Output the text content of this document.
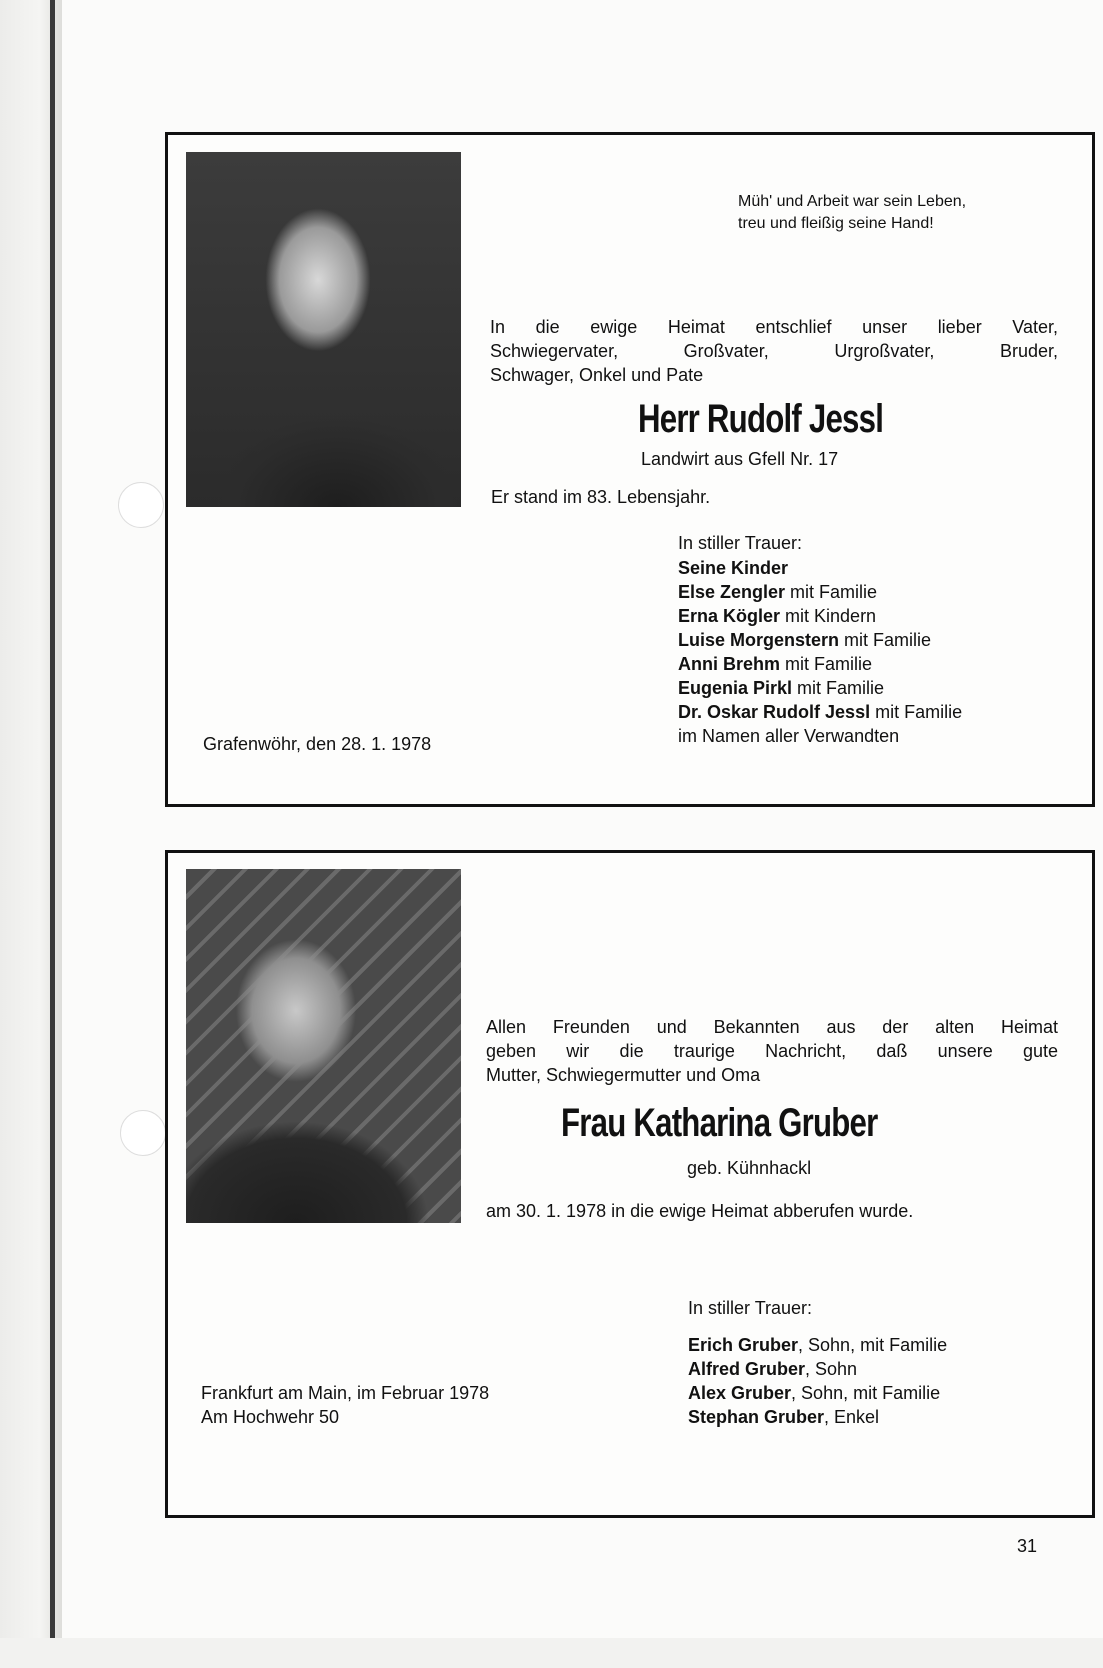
Müh' und Arbeit war sein Leben,
treu und fleißig seine Hand!
In die ewige Heimat entschlief unser lieber Vater,
Schwiegervater, Großvater, Urgroßvater, Bruder,
Schwager, Onkel und Pate
Herr Rudolf Jessl
Landwirt aus Gfell Nr. 17
Er stand im 83. Lebensjahr.
In stiller Trauer:
Seine Kinder
Else Zengler mit Familie
Erna Kögler mit Kindern
Luise Morgenstern mit Familie
Anni Brehm mit Familie
Eugenia Pirkl mit Familie
Dr. Oskar Rudolf Jessl mit Familie
im Namen aller Verwandten
Grafenwöhr, den 28. 1. 1978
Allen Freunden und Bekannten aus der alten Heimat
geben wir die traurige Nachricht, daß unsere gute
Mutter, Schwiegermutter und Oma
Frau Katharina Gruber
geb. Kühnhackl
am 30. 1. 1978 in die ewige Heimat abberufen wurde.
In stiller Trauer:
Erich Gruber, Sohn, mit Familie
Alfred Gruber, Sohn
Alex Gruber, Sohn, mit Familie
Stephan Gruber, Enkel
Frankfurt am Main, im Februar 1978
Am Hochwehr 50
31
